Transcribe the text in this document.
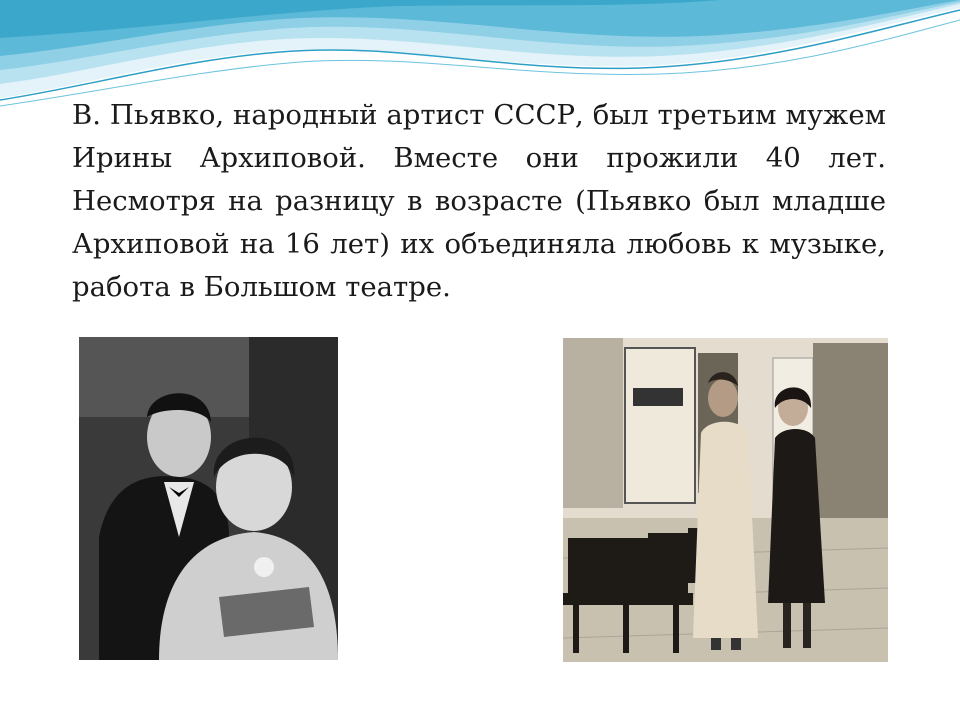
В. Пьявко, народный артист СССР, был третьим мужем Ирины Архиповой. Вместе они прожили 40 лет. Несмотря на разницу в возрасте (Пьявко был младше Архиповой на 16 лет) их объединяла любовь к музыке, работа в Большом театре.
